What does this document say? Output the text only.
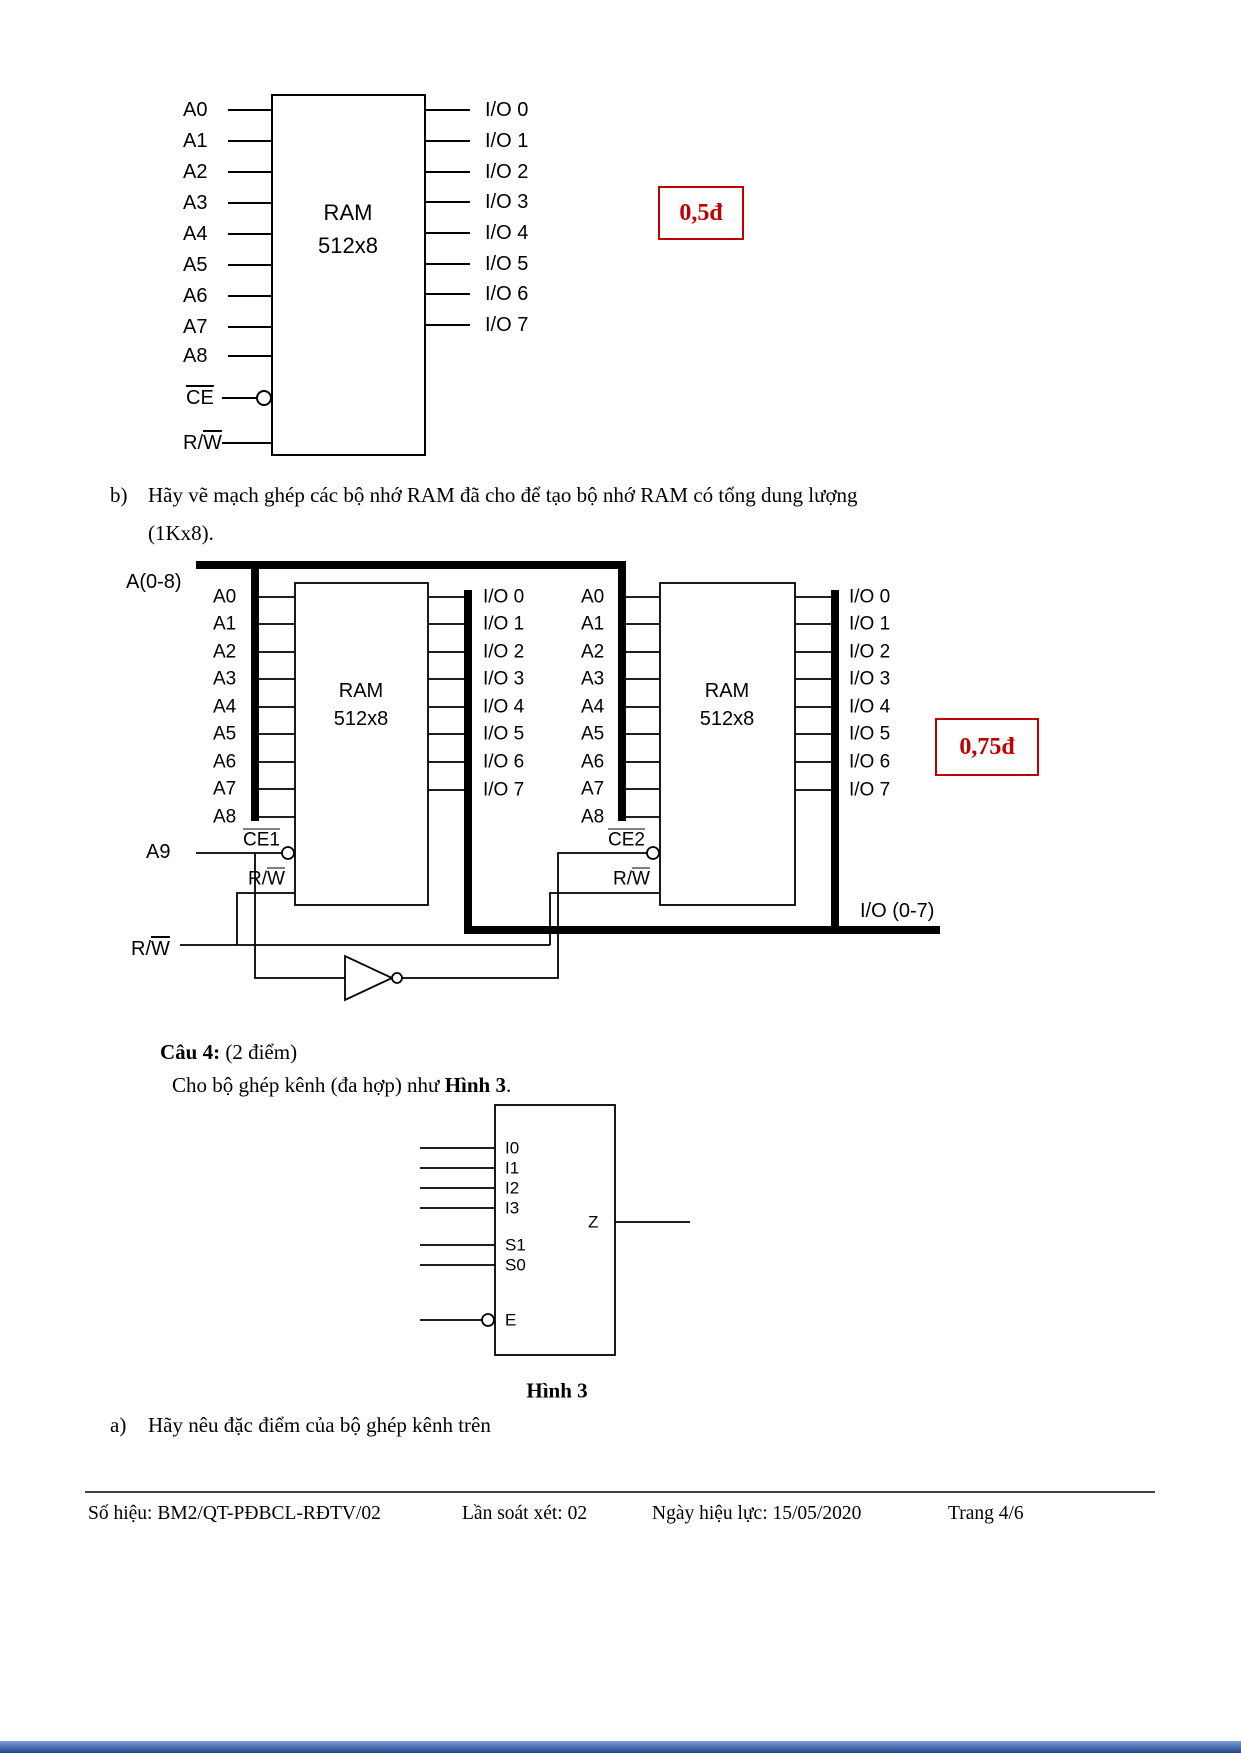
A0
A1
A2
A3
A4
A5
A6
A7
A8
$\overline{CE}$
$R/\overline{W}$
RAM
512x8
I/O 0
I/O 1
I/O 2
I/O 3
I/O 4
I/O 5
I/O 6
I/O 7
0,5đ
b) Hãy vẽ mạch ghép các bộ nhớ RAM đã cho để tạo bộ nhớ RAM có tổng dung lượng
(1Kx8).
A(0-8)
A0
A1
A2
A3
A4
A5
A6
A7
A8
RAM
512x8
I/O 0
I/O 1
I/O 2
I/O 3
I/O 4
I/O 5
I/O 6
I/O 7
CE1
$R/\overline{W}$
A9
A0
A1
A2
A3
A4
A5
A6
A7
A8
RAM
512x8
I/O 0
I/O 1
I/O 2
I/O 3
I/O 4
I/O 5
I/O 6
I/O 7
CE2
$R/\overline{W}$
$R/\overline{W}$
I/O (0-7)
0,75đ
Câu 4: (2 điểm)
Cho bộ ghép kênh (đa hợp) như Hình 3.
I0
I1
I2
I3
S1
S0
E
Z
Hình 3
a) Hãy nêu đặc điểm của bộ ghép kênh trên
Số hiệu: BM2/QT-PĐBCL-RĐTV/02	Lần soát xét: 02	Ngày hiệu lực: 15/05/2020	Trang 4/6
